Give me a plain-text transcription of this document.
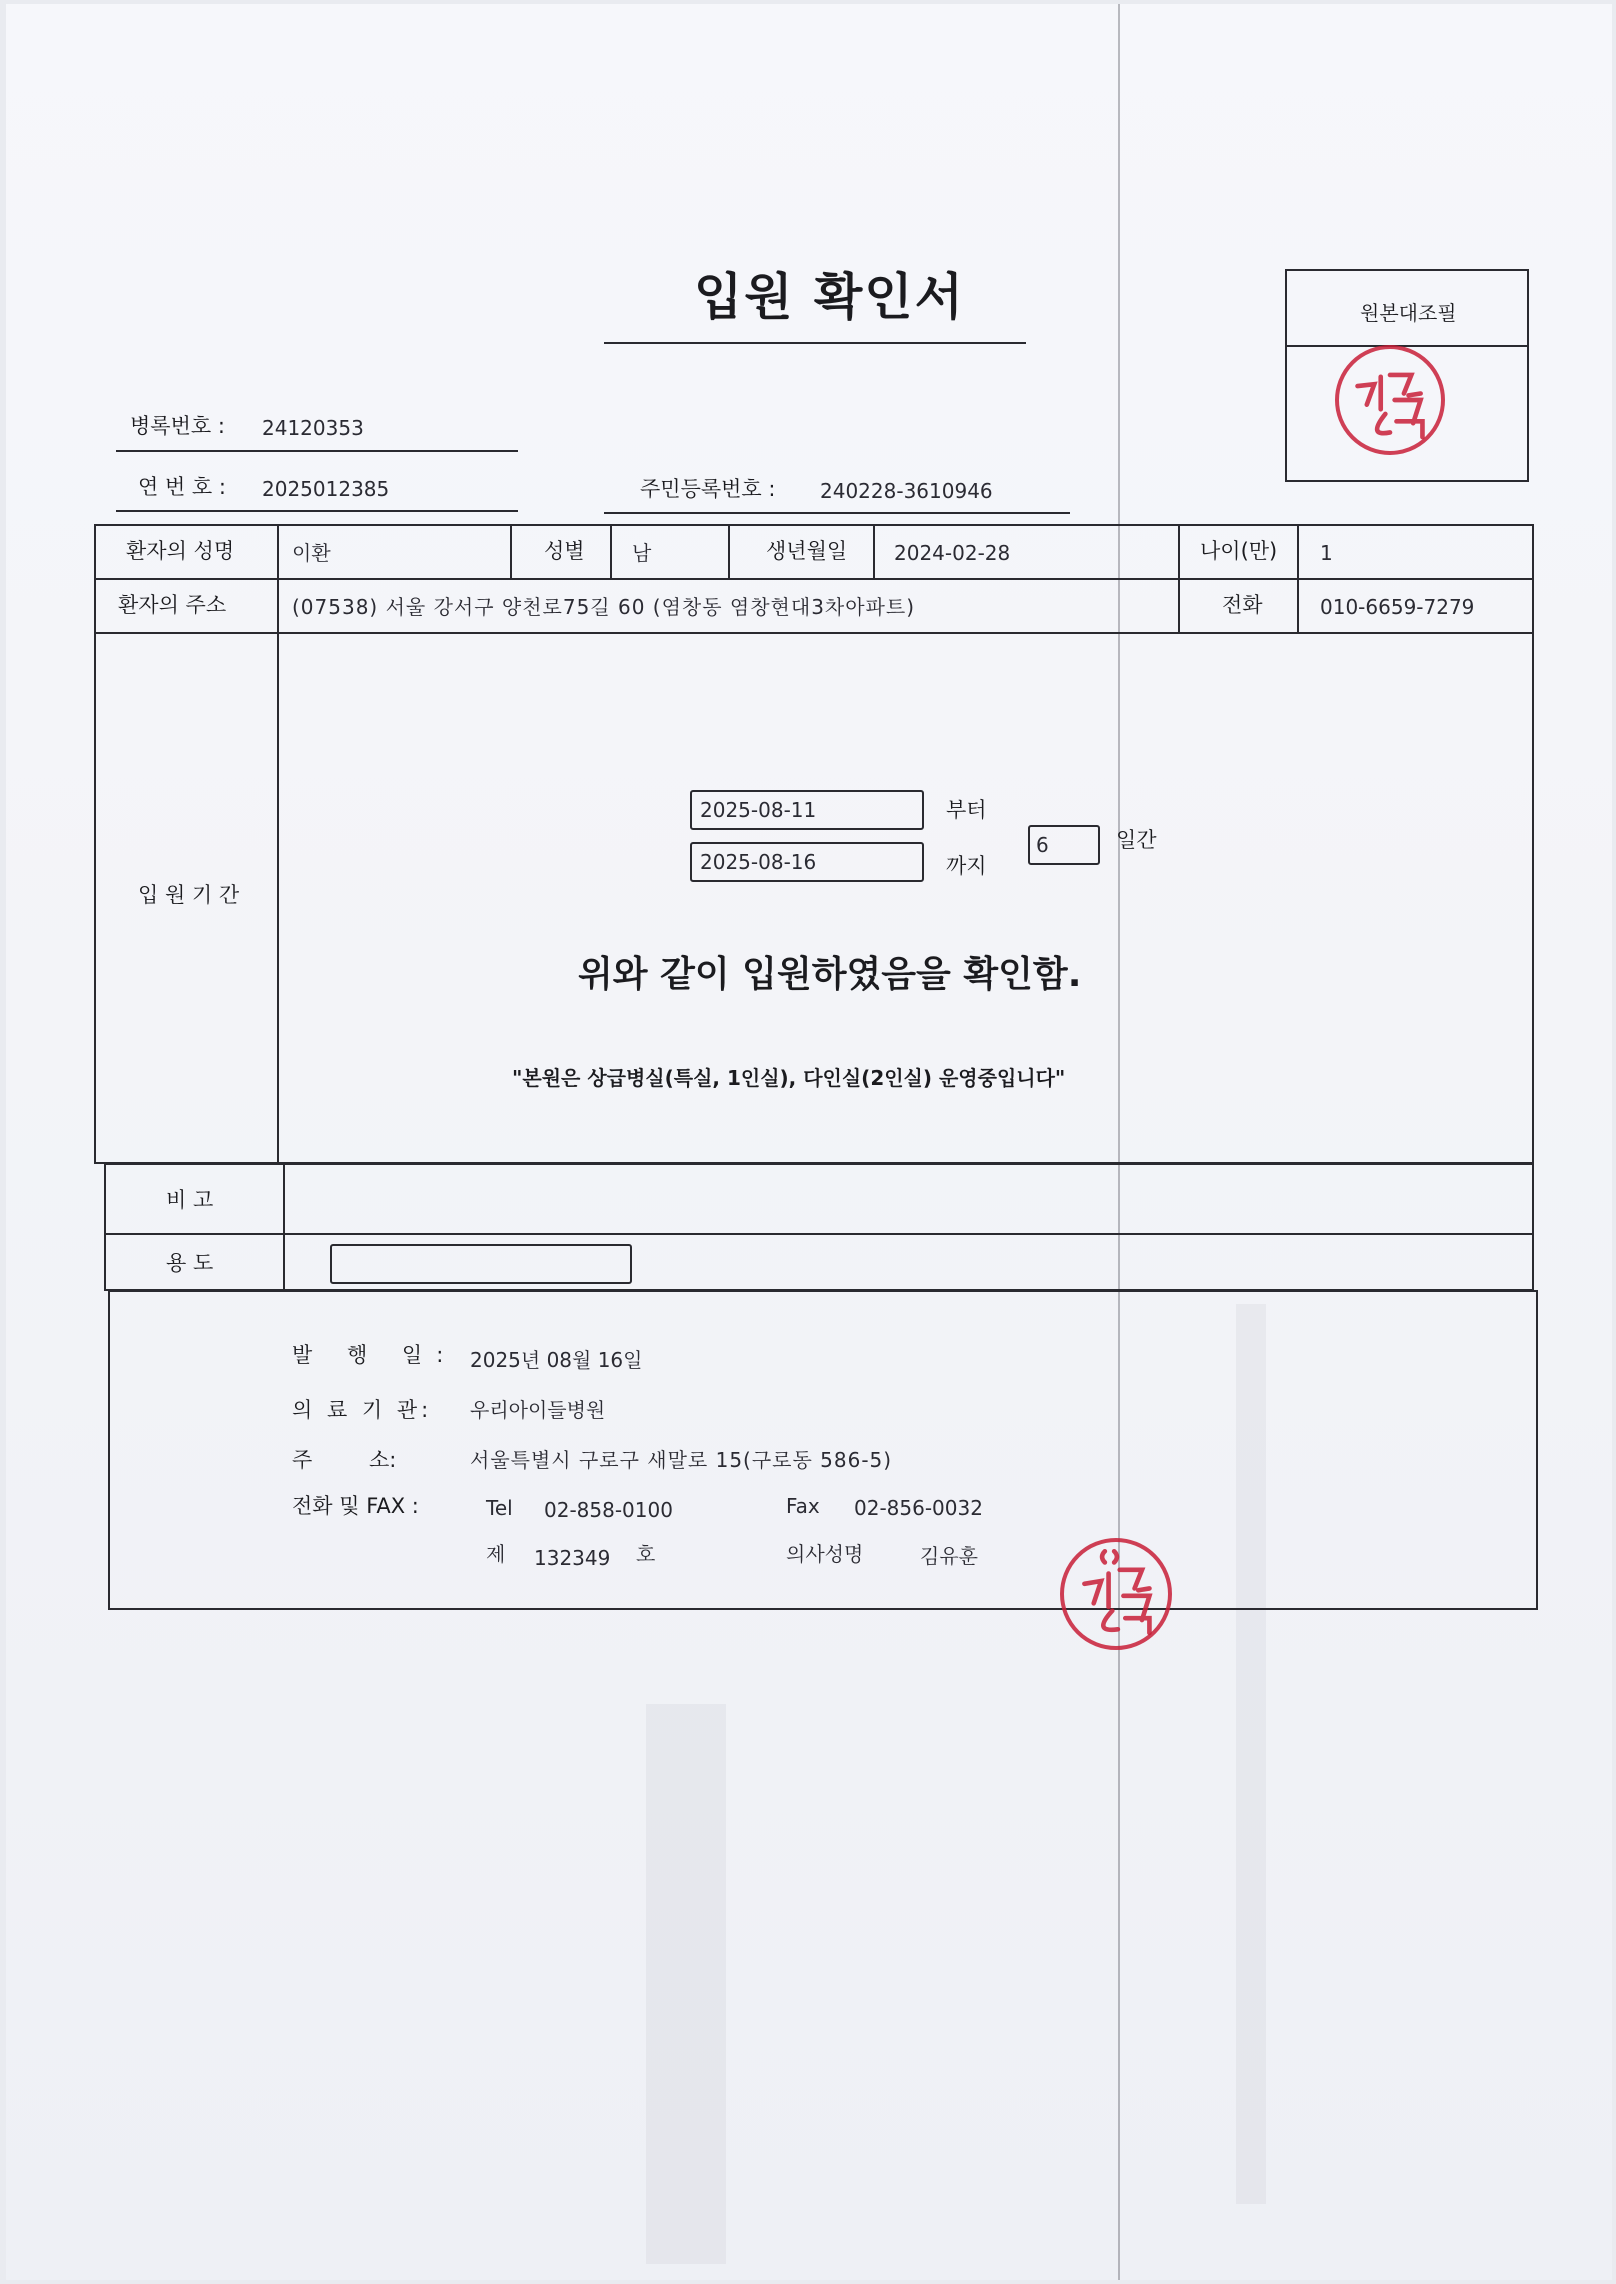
입원 확인서	원본대조필
병록번호 : 24120353
연 번 호 : 2025012385	주민등록번호 : 240228-3610946
환자의 성명	이환	성별 남	생년월일 2024-02-28	나이(만) 1
환자의 주소	(07538) 서울 강서구 양천로75길 60 (염창동 염창현대3차아파트)	전화	010-6659-7279
입 원 기 간
2025-08-11	부터
2025-08-16	까지
6	일간
위와 같이 입원하였음을 확인함.
"본원은 상급병실(특실, 1인실), 다인실(2인실) 운영중입니다"
비 고
용 도
발 행 일: 2025년 08월 16일
의 료 기 관: 우리아이들병원
주 소:	서울특별시 구로구 새말로 15(구로동 586-5)
전화 및 FAX :	Tel 02-858-0100	Fax 02-856-0032
제 132349 호	의사성명	김유훈
